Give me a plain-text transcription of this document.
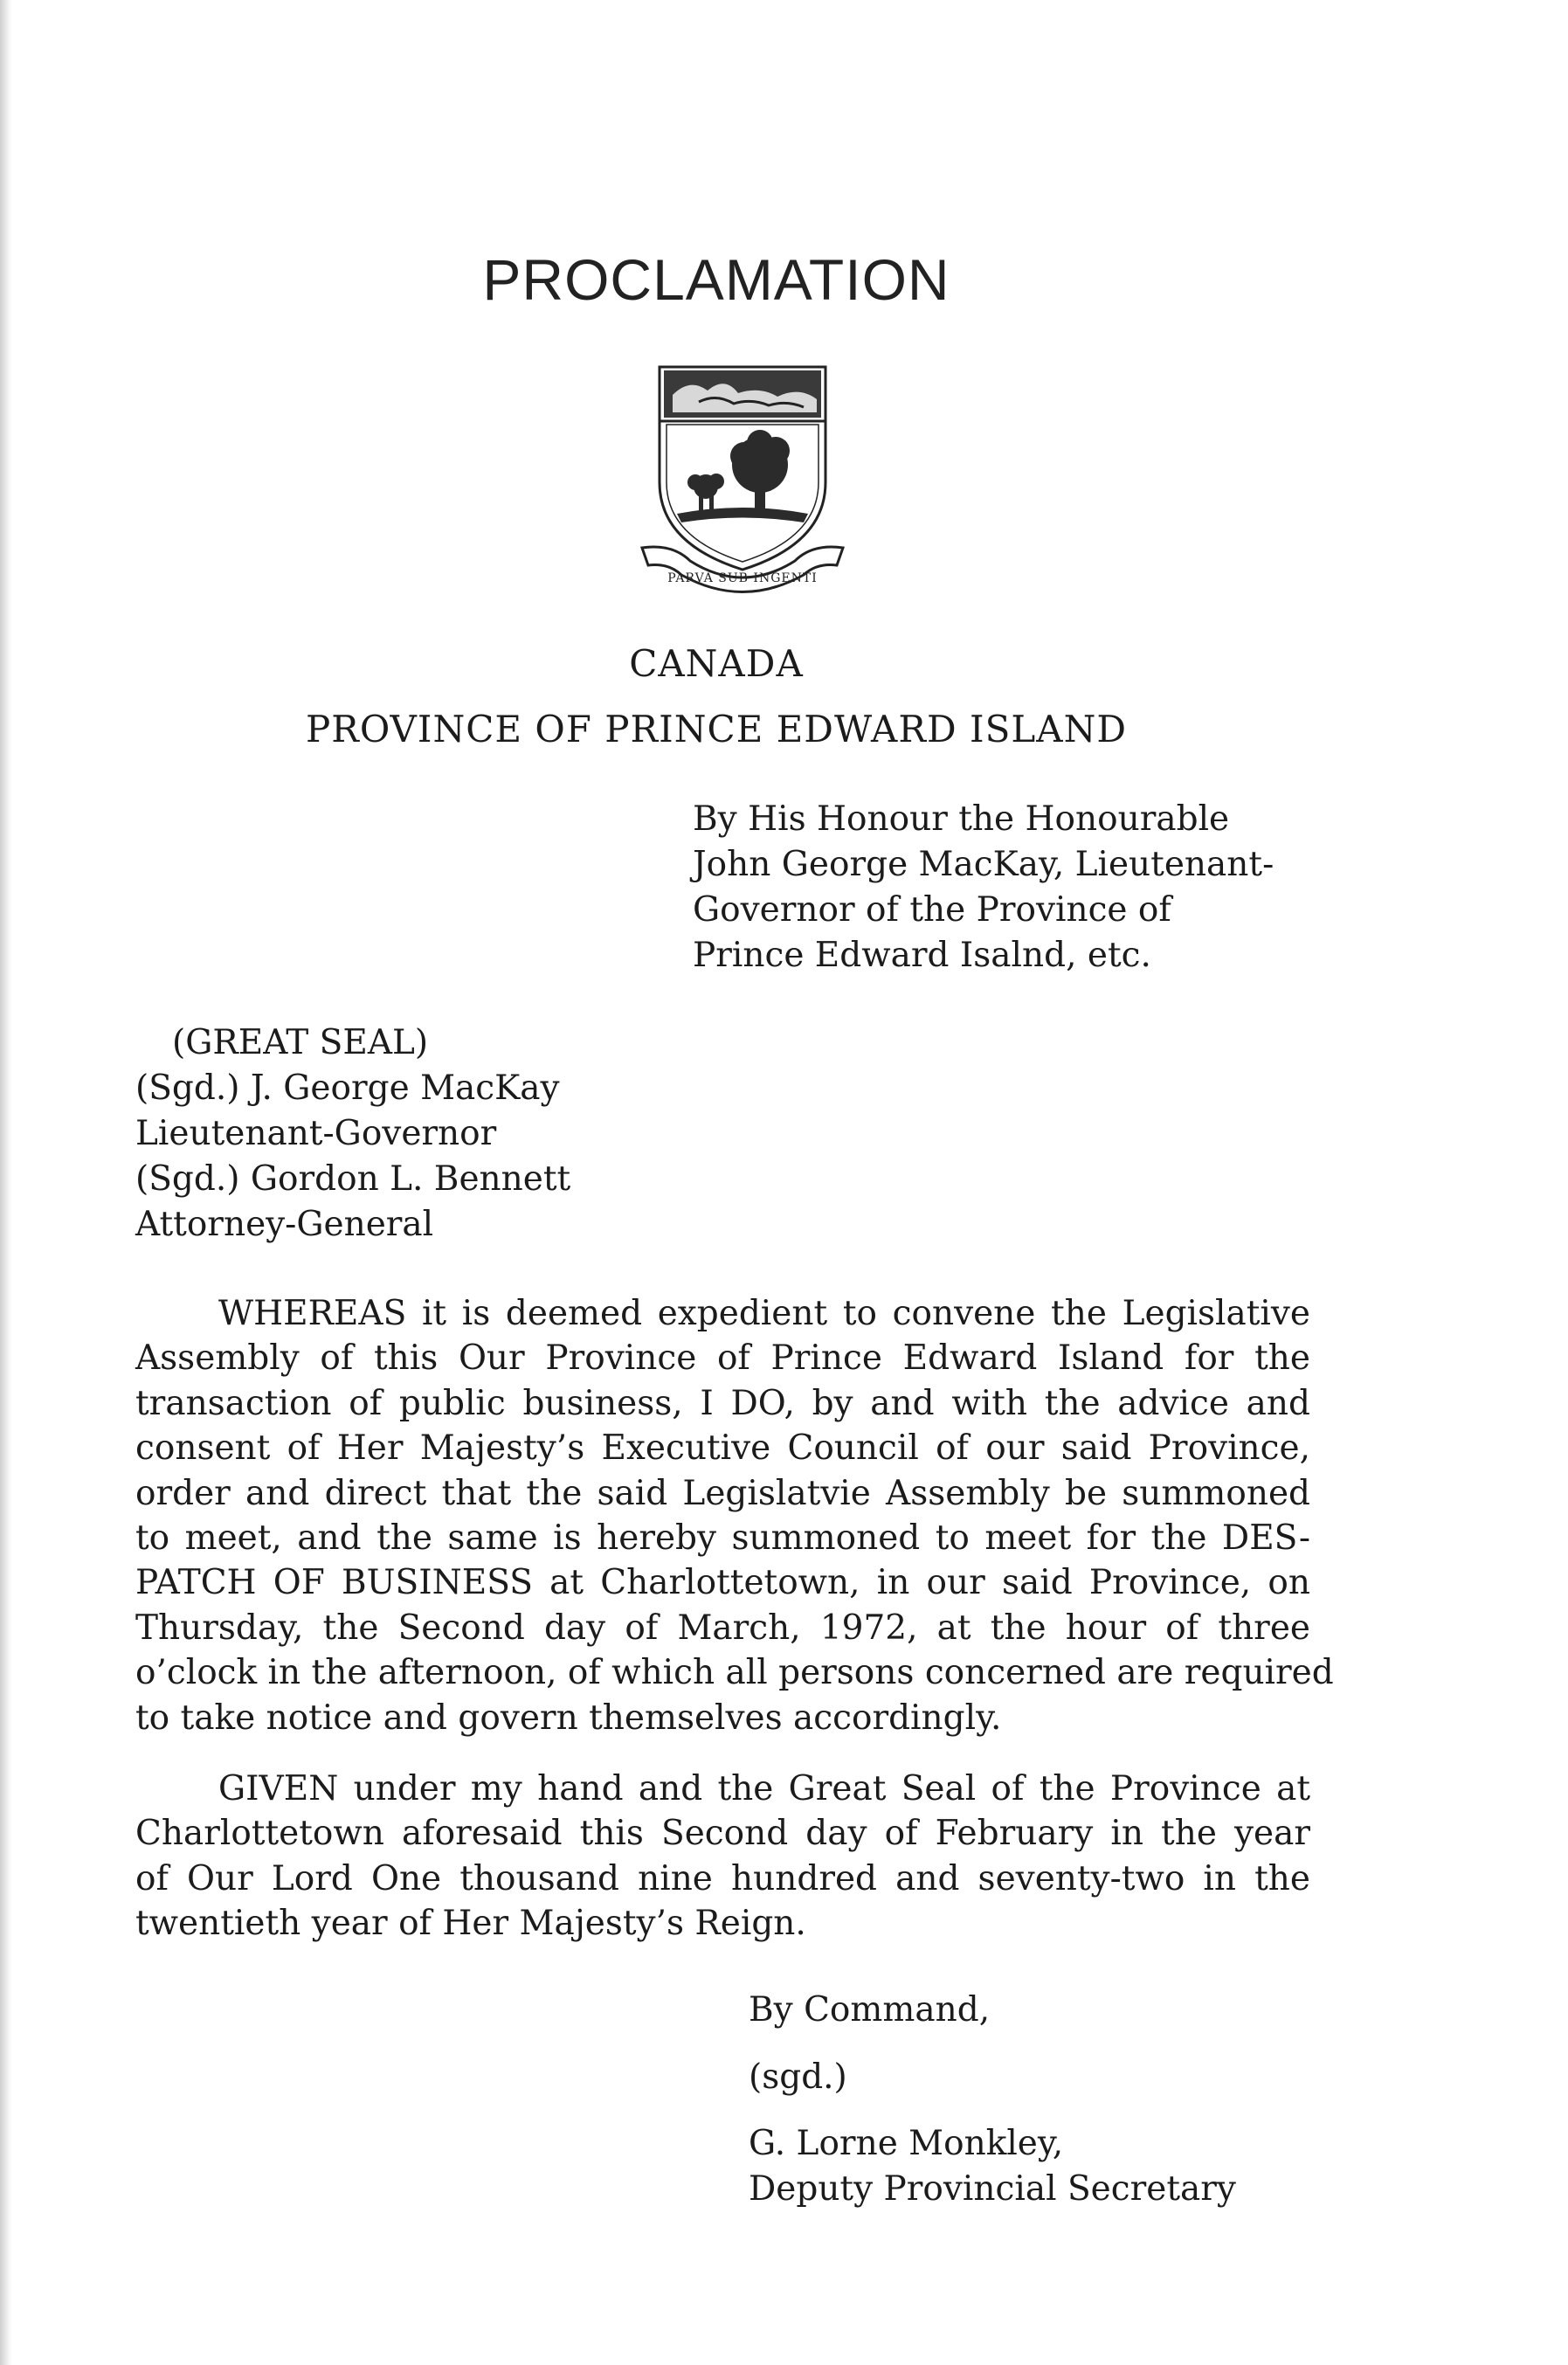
PROCLAMATION
PARVA SUB INGENTI
CANADA
PROVINCE OF PRINCE EDWARD ISLAND
By His Honour the Honourable
John George MacKay, Lieutenant-
Governor of the Province of
Prince Edward Isalnd, etc.
(GREAT SEAL)
(Sgd.) J. George MacKay
Lieutenant-Governor
(Sgd.) Gordon L. Bennett
Attorney-General
WHEREAS it is deemed expedient to convene the Legislative
Assembly of this Our Province of Prince Edward Island for the
transaction of public business, I DO, by and with the advice and
consent of Her Majesty’s Executive Council of our said Province,
order and direct that the said Legislatvie Assembly be summoned
to meet, and the same is hereby summoned to meet for the DES-
PATCH OF BUSINESS at Charlottetown, in our said Province, on
Thursday, the Second day of March, 1972, at the hour of three
o’clock in the afternoon, of which all persons concerned are required
to take notice and govern themselves accordingly.
GIVEN under my hand and the Great Seal of the Province at
Charlottetown aforesaid this Second day of February in the year
of Our Lord One thousand nine hundred and seventy-two in the
twentieth year of Her Majesty’s Reign.
By Command,
(sgd.)
G. Lorne Monkley,
Deputy Provincial Secretary
